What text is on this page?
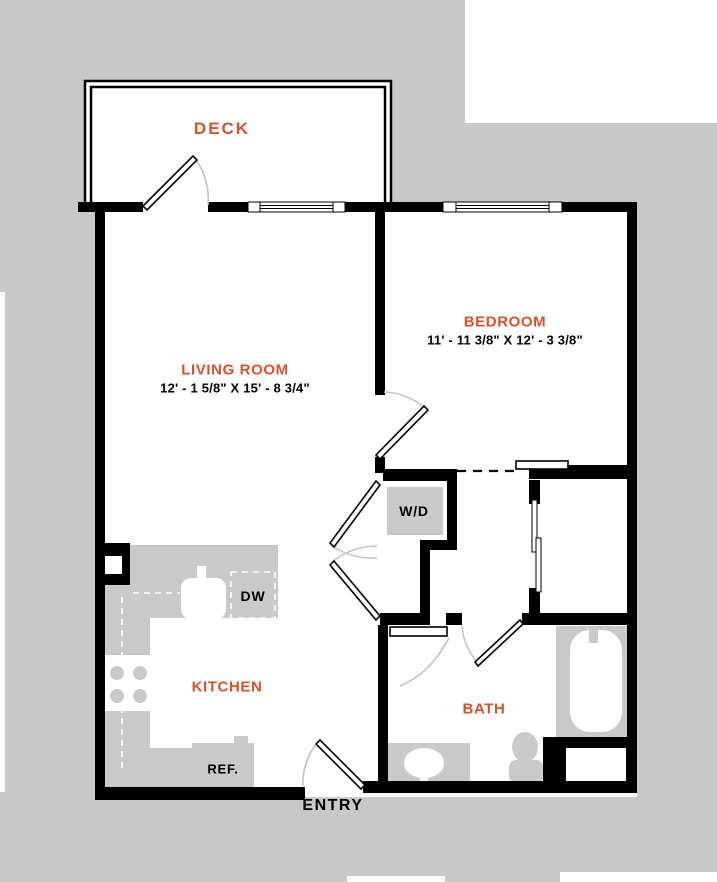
DECK
LIVING ROOM
12' - 1 5/8" X 15' - 8 3/4"
BEDROOM
11' - 11 3/8" X 12' - 3 3/8"
W/D
DW
KITCHEN
REF.
BATH
ENTRY
